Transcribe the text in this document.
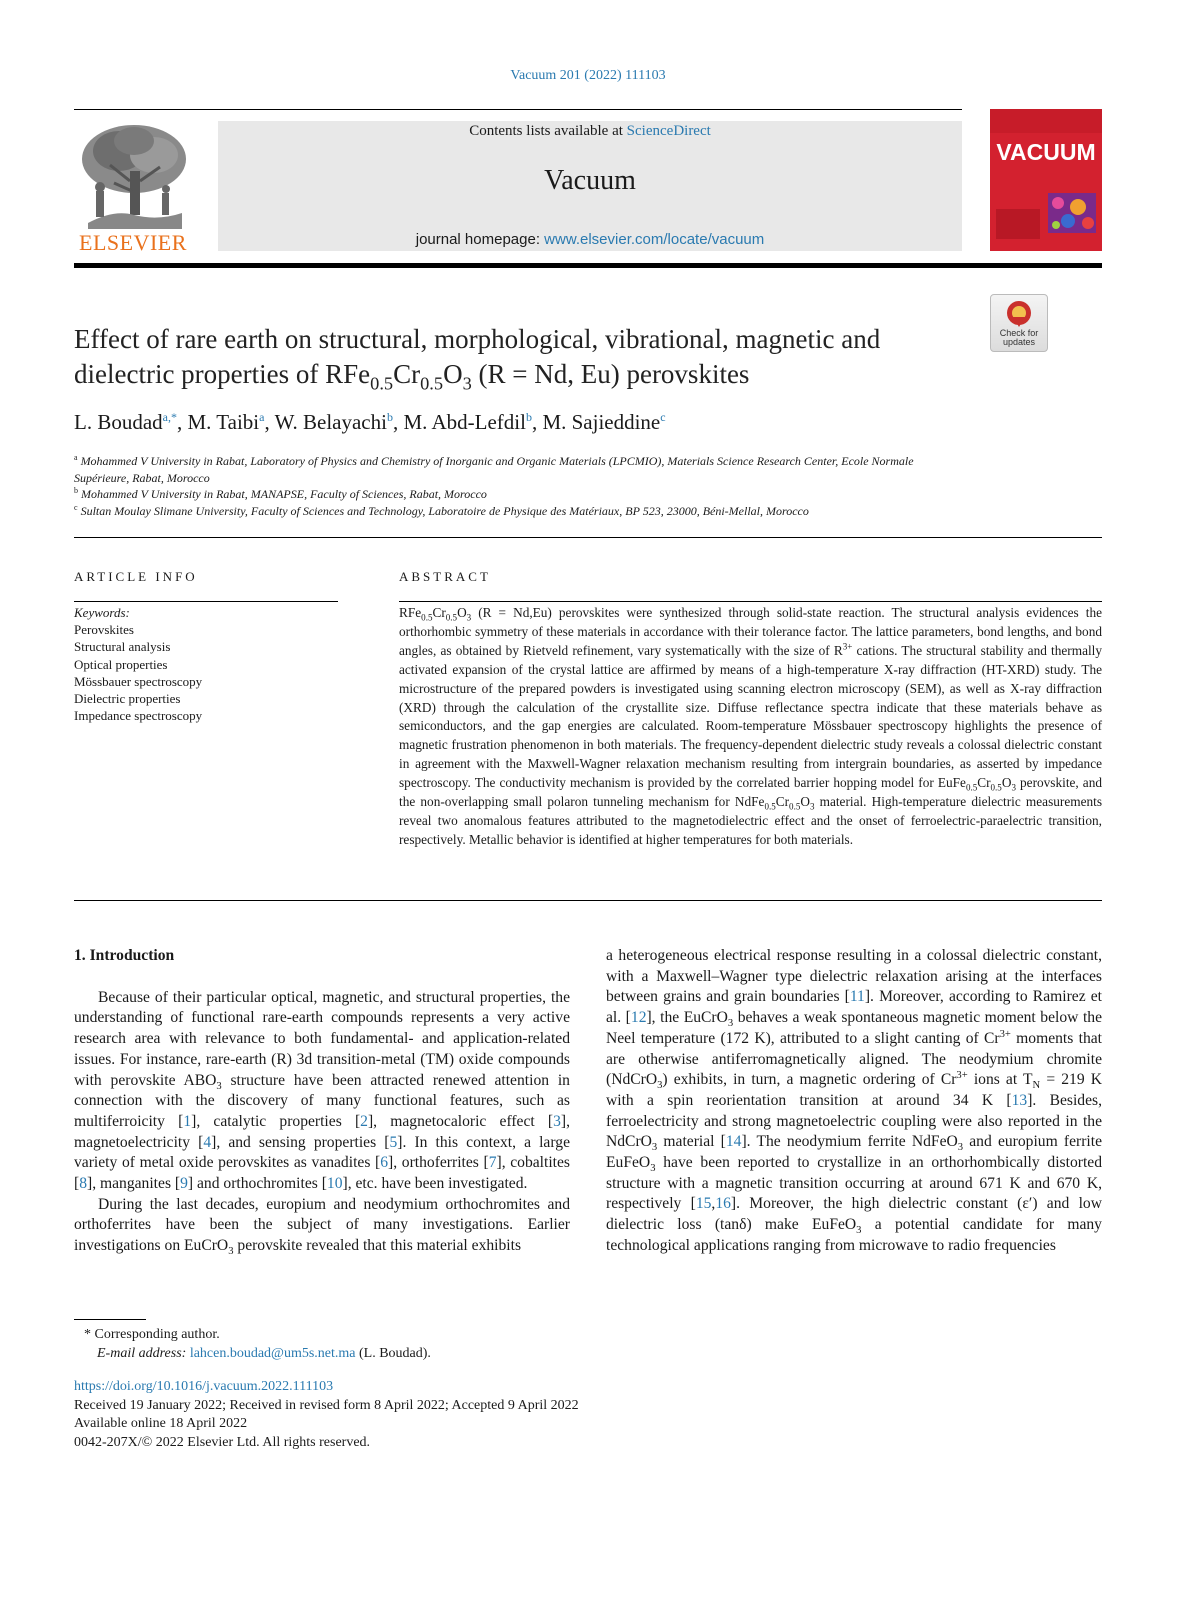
Vacuum 201 (2022) 111103
ELSEVIER
Contents lists available at ScienceDirect
Vacuum
journal homepage: www.elsevier.com/locate/vacuum
VACUUM
Check for
updates
Effect of rare earth on structural, morphological, vibrational, magnetic and
dielectric properties of $RFe_{0.5}Cr_{0.5}O_3$ (R = Nd, Eu) perovskites
L. Boudad$^{a,*}$, M. Taibi$^a$, W. Belayachi$^b$, M. Abd-Lefdil$^b$, M. Sajieddine$^c$
$^a$ Mohammed V University in Rabat, Laboratory of Physics and Chemistry of Inorganic and Organic Materials (LPCMIO), Materials Science Research Center, Ecole Normale Supérieure, Rabat, Morocco
$^b$ Mohammed V University in Rabat, MANAPSE, Faculty of Sciences, Rabat, Morocco
$^c$ Sultan Moulay Slimane University, Faculty of Sciences and Technology, Laboratoire de Physique des Matériaux, BP 523, 23000, Béni-Mellal, Morocco
ARTICLE INFO
Keywords:
Perovskites
Structural analysis
Optical properties
Mössbauer spectroscopy
Dielectric properties
Impedance spectroscopy
ABSTRACT
$RFe_{0.5}Cr_{0.5}O_3$ (R = Nd,Eu) perovskites were synthesized through solid-state reaction. The structural analysis evidences the orthorhombic symmetry of these materials in accordance with their tolerance factor. The lattice parameters, bond lengths, and bond angles, as obtained by Rietveld refinement, vary systematically with the size of $R^{3+}$ cations. The structural stability and thermally activated expansion of the crystal lattice are affirmed by means of a high-temperature X-ray diffraction (HT-XRD) study. The microstructure of the prepared powders is investigated using scanning electron microscopy (SEM), as well as X-ray diffraction (XRD) through the calculation of the crystallite size. Diffuse reflectance spectra indicate that these materials behave as semiconductors, and the gap energies are calculated. Room-temperature Mössbauer spectroscopy highlights the presence of magnetic frustration phenomenon in both materials. The frequency-dependent dielectric study reveals a colossal dielectric constant in agreement with the Maxwell-Wagner relaxation mechanism resulting from intergrain boundaries, as asserted by impedance spectroscopy. The conductivity mechanism is provided by the correlated barrier hopping model for $EuFe_{0.5}Cr_{0.5}O_3$ perovskite, and the non-overlapping small polaron tunneling mechanism for $NdFe_{0.5}Cr_{0.5}O_3$ material. High-temperature dielectric measurements reveal two anomalous features attributed to the magnetodielectric effect and the onset of ferroelectric-paraelectric transition, respectively. Metallic behavior is identified at higher temperatures for both materials.

1. Introduction

Because of their particular optical, magnetic, and structural properties, the understanding of functional rare-earth compounds represents a very active research area with relevance to both fundamental- and application-related issues. For instance, rare-earth (R) 3d transition-metal (TM) oxide compounds with perovskite $ABO_3$ structure have been attracted renewed attention in connection with the discovery of many functional features, such as multiferroicity [1], catalytic properties [2], magnetocaloric effect [3], magnetoelectricity [4], and sensing properties [5]. In this context, a large variety of metal oxide perovskites as vanadites [6], orthoferrites [7], cobaltites [8], manganites [9] and orthochromites [10], etc. have been investigated.

During the last decades, europium and neodymium orthochromites and orthoferrites have been the subject of many investigations. Earlier investigations on EuCrO$_3$ perovskite revealed that this material exhibits

a heterogeneous electrical response resulting in a colossal dielectric constant, with a Maxwell–Wagner type dielectric relaxation arising at the interfaces between grains and grain boundaries [11]. Moreover, according to Ramirez et al. [12], the EuCrO$_3$ behaves a weak spontaneous magnetic moment below the Neel temperature (172 K), attributed to a slight canting of $Cr^{3+}$ moments that are otherwise antiferromagnetically aligned. The neodymium chromite (NdCrO$_3$) exhibits, in turn, a magnetic ordering of $Cr^{3+}$ ions at $T_N = 219$ K with a spin reorientation transition at around 34 K [13]. Besides, ferroelectricity and strong magnetoelectric coupling were also reported in the NdCrO$_3$ material [14]. The neodymium ferrite NdFeO$_3$ and europium ferrite EuFeO$_3$ have been reported to crystallize in an orthorhombically distorted structure with a magnetic transition occurring at around 671 K and 670 K, respectively [15,16]. Moreover, the high dielectric constant (ε′) and low dielectric loss (tanδ) make EuFeO$_3$ a potential candidate for many technological applications ranging from microwave to radio frequencies

* Corresponding author.
E-mail address: lahcen.boudad@um5s.net.ma (L. Boudad).
https://doi.org/10.1016/j.vacuum.2022.111103
Received 19 January 2022; Received in revised form 8 April 2022; Accepted 9 April 2022
Available online 18 April 2022
0042-207X/© 2022 Elsevier Ltd. All rights reserved.
